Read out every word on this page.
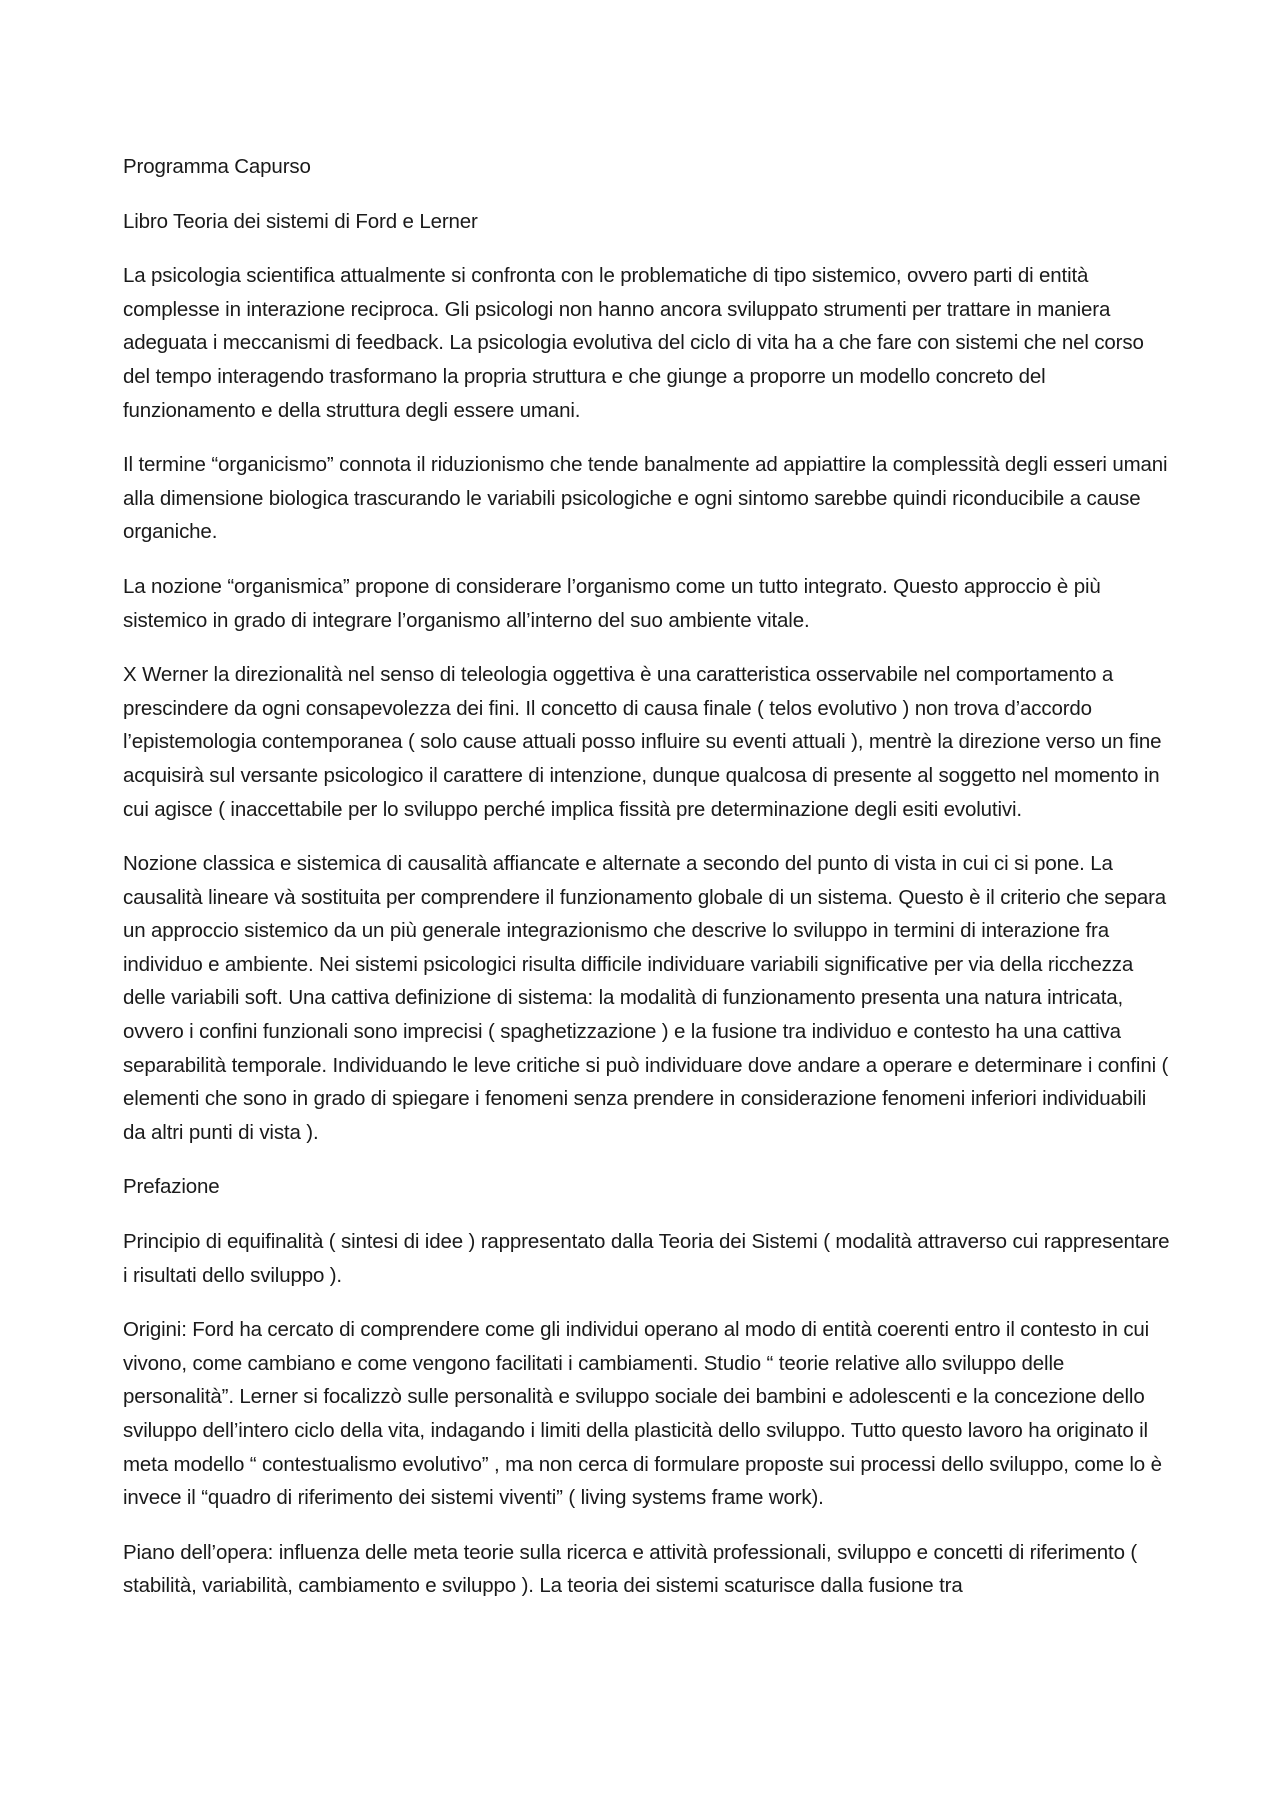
Programma Capurso

Libro Teoria dei sistemi di Ford e Lerner

La psicologia scientifica attualmente si confronta con le problematiche di tipo sistemico, ovvero parti di entità complesse in interazione reciproca. Gli psicologi non hanno ancora sviluppato strumenti per trattare in maniera adeguata i meccanismi di feedback. La psicologia evolutiva del ciclo di vita ha a che fare con sistemi che nel corso del tempo interagendo trasformano la propria struttura e che giunge a proporre un modello concreto del funzionamento e della struttura degli essere umani.

Il termine “organicismo” connota il riduzionismo che tende banalmente ad appiattire la complessità degli esseri umani alla dimensione biologica trascurando le variabili psicologiche e ogni sintomo sarebbe quindi riconducibile a cause organiche.

La nozione “organismica” propone di considerare l’organismo come un tutto integrato. Questo approccio è più sistemico in grado di integrare l’organismo all’interno del suo ambiente vitale.

X Werner la direzionalità nel senso di teleologia oggettiva è una caratteristica osservabile nel comportamento a prescindere da ogni consapevolezza dei fini. Il concetto di causa finale ( telos evolutivo ) non trova d’accordo l’epistemologia contemporanea ( solo cause attuali posso influire su eventi attuali ), mentrè la direzione verso un fine acquisirà sul versante psicologico il carattere di intenzione, dunque qualcosa di presente al soggetto nel momento in cui agisce ( inaccettabile per lo sviluppo perché implica fissità pre determinazione degli esiti evolutivi.

Nozione classica e sistemica di causalità affiancate e alternate a secondo del punto di vista in cui ci si pone. La causalità lineare và sostituita per comprendere il funzionamento globale di un sistema. Questo è il criterio che separa un approccio sistemico da un più generale integrazionismo che descrive lo sviluppo in termini di interazione fra individuo e ambiente. Nei sistemi psicologici risulta difficile individuare variabili significative per via della ricchezza delle variabili soft. Una cattiva definizione di sistema: la modalità di funzionamento presenta una natura intricata, ovvero i confini funzionali sono imprecisi ( spaghetizzazione ) e la fusione tra individuo e contesto ha una cattiva separabilità temporale. Individuando le leve critiche si può individuare dove andare a operare e determinare i confini ( elementi che sono in grado di spiegare i fenomeni senza prendere in considerazione fenomeni inferiori individuabili da altri punti di vista ).

Prefazione

Principio di equifinalità ( sintesi di idee ) rappresentato dalla Teoria dei Sistemi ( modalità attraverso cui rappresentare i risultati dello sviluppo ).

Origini: Ford ha cercato di comprendere come gli individui operano al modo di entità coerenti entro il contesto in cui vivono, come cambiano e come vengono facilitati i cambiamenti. Studio “ teorie relative allo sviluppo delle personalità”. Lerner si focalizzò sulle personalità e sviluppo sociale dei bambini e adolescenti e la concezione dello sviluppo dell’intero ciclo della vita, indagando i limiti della plasticità dello sviluppo. Tutto questo lavoro ha originato il meta modello “ contestualismo evolutivo” , ma non cerca di formulare proposte sui processi dello sviluppo, come lo è invece il “quadro di riferimento dei sistemi viventi” ( living systems frame work).

Piano dell’opera: influenza delle meta teorie sulla ricerca e attività professionali, sviluppo e concetti di riferimento ( stabilità, variabilità, cambiamento e sviluppo ). La teoria dei sistemi scaturisce dalla fusione tra
